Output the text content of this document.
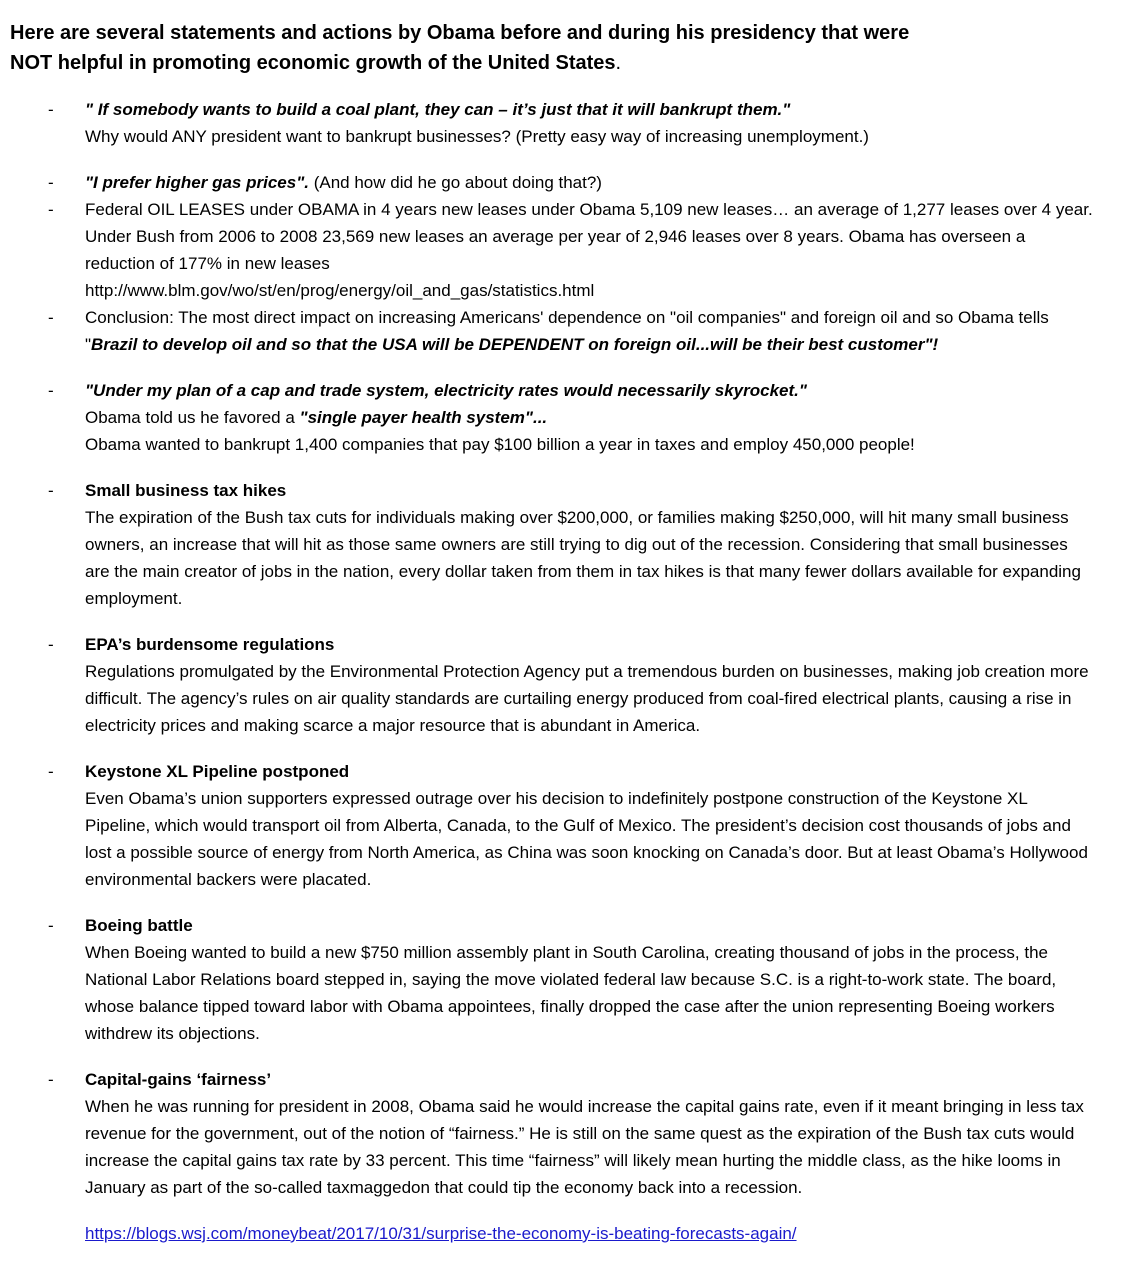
Here are several statements and actions by Obama before and during his presidency that were
NOT helpful in promoting economic growth of the United States.
- " If somebody wants to build a coal plant, they can – it’s just that it will bankrupt them."
Why would ANY president want to bankrupt businesses? (Pretty easy way of increasing unemployment.)
- "I prefer higher gas prices". (And how did he go about doing that?)
- Federal OIL LEASES under OBAMA in 4 years new leases under Obama 5,109 new leases… an average of 1,277 leases over 4 year. Under Bush from 2006 to 2008 23,569 new leases an average per year of 2,946 leases over 8 years. Obama has overseen a reduction of 177% in new leases
http://www.blm.gov/wo/st/en/prog/energy/oil_and_gas/statistics.html
- Conclusion: The most direct impact on increasing Americans' dependence on "oil companies" and foreign oil and so Obama tells "Brazil to develop oil and so that the USA will be DEPENDENT on foreign oil...will be their best customer"!
- "Under my plan of a cap and trade system, electricity rates would necessarily skyrocket."
Obama told us he favored a "single payer health system"...
Obama wanted to bankrupt 1,400 companies that pay $100 billion a year in taxes and employ 450,000 people!
- Small business tax hikes
The expiration of the Bush tax cuts for individuals making over $200,000, or families making $250,000, will hit many small business owners, an increase that will hit as those same owners are still trying to dig out of the recession. Considering that small businesses are the main creator of jobs in the nation, every dollar taken from them in tax hikes is that many fewer dollars available for expanding employment.
- EPA’s burdensome regulations
Regulations promulgated by the Environmental Protection Agency put a tremendous burden on businesses, making job creation more difficult. The agency’s rules on air quality standards are curtailing energy produced from coal-fired electrical plants, causing a rise in electricity prices and making scarce a major resource that is abundant in America.
- Keystone XL Pipeline postponed
Even Obama’s union supporters expressed outrage over his decision to indefinitely postpone construction of the Keystone XL Pipeline, which would transport oil from Alberta, Canada, to the Gulf of Mexico. The president’s decision cost thousands of jobs and lost a possible source of energy from North America, as China was soon knocking on Canada’s door. But at least Obama’s Hollywood environmental backers were placated.
- Boeing battle
When Boeing wanted to build a new $750 million assembly plant in South Carolina, creating thousand of jobs in the process, the National Labor Relations board stepped in, saying the move violated federal law because S.C. is a right-to-work state. The board, whose balance tipped toward labor with Obama appointees, finally dropped the case after the union representing Boeing workers withdrew its objections.
- Capital-gains ‘fairness’
When he was running for president in 2008, Obama said he would increase the capital gains rate, even if it meant bringing in less tax revenue for the government, out of the notion of “fairness.” He is still on the same quest as the expiration of the Bush tax cuts would increase the capital gains tax rate by 33 percent. This time “fairness” will likely mean hurting the middle class, as the hike looms in January as part of the so-called taxmaggedon that could tip the economy back into a recession.
https://blogs.wsj.com/moneybeat/2017/10/31/surprise-the-economy-is-beating-forecasts-again/
